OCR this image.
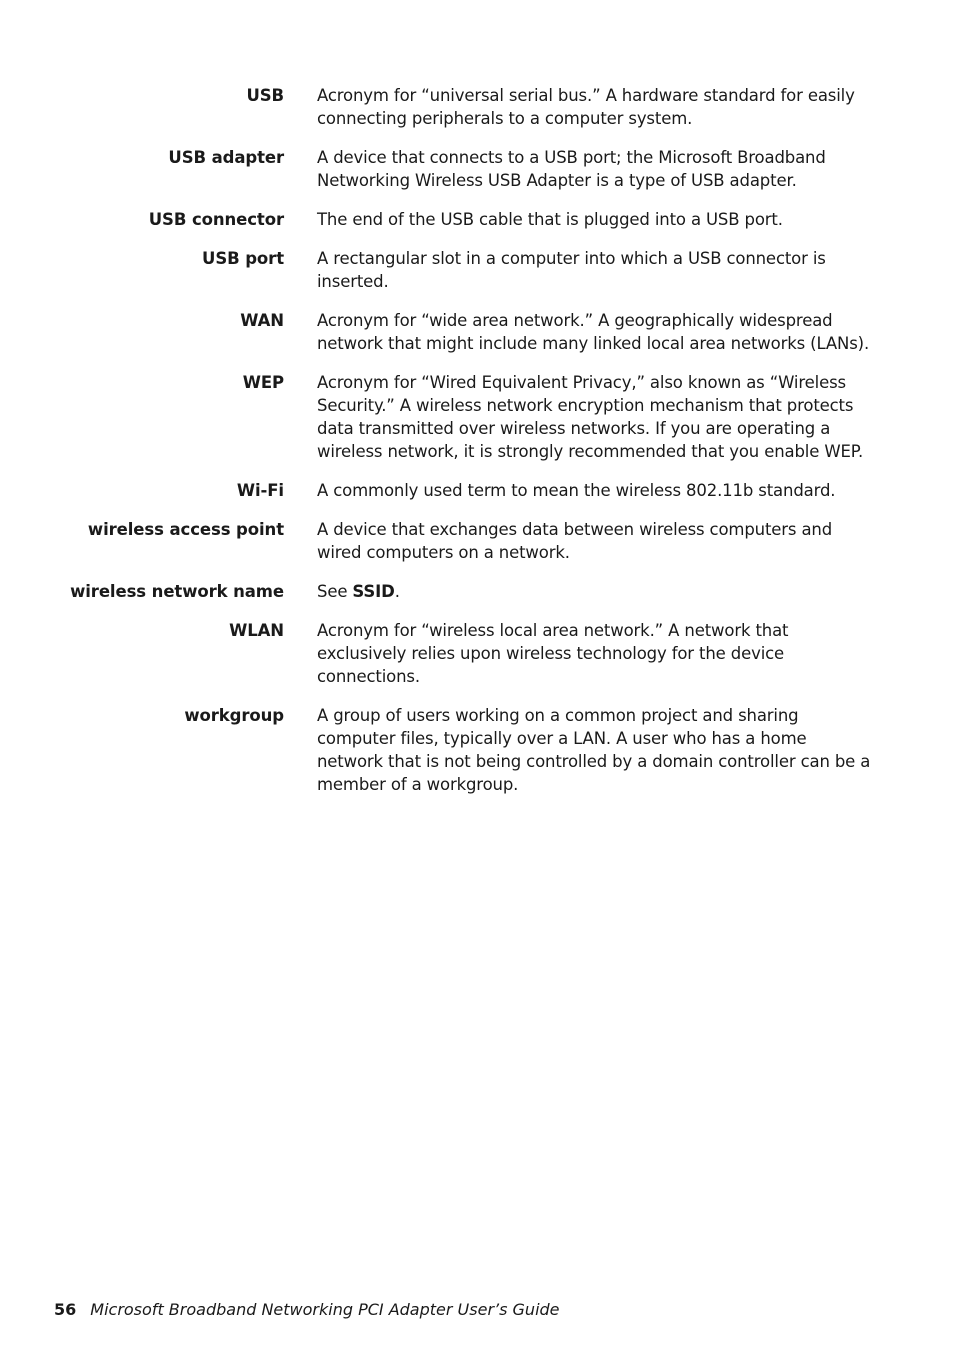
USB Acronym for “universal serial bus.” A hardware standard for easily connecting peripherals to a computer system.
USB adapter A device that connects to a USB port; the Microsoft Broadband Networking Wireless USB Adapter is a type of USB adapter.
USB connector The end of the USB cable that is plugged into a USB port.
USB port A rectangular slot in a computer into which a USB connector is inserted.
WAN Acronym for “wide area network.” A geographically widespread network that might include many linked local area networks (LANs).
WEP Acronym for “Wired Equivalent Privacy,” also known as “Wireless Security.” A wireless network encryption mechanism that protects data transmitted over wireless networks. If you are operating a wireless network, it is strongly recommended that you enable WEP.
Wi-Fi A commonly used term to mean the wireless 802.11b standard.
wireless access point A device that exchanges data between wireless computers and wired computers on a network.
wireless network name See SSID.
WLAN Acronym for “wireless local area network.” A network that exclusively relies upon wireless technology for the device connections.
workgroup A group of users working on a common project and sharing computer files, typically over a LAN. A user who has a home network that is not being controlled by a domain controller can be a member of a workgroup.
56 Microsoft Broadband Networking PCI Adapter User’s Guide
